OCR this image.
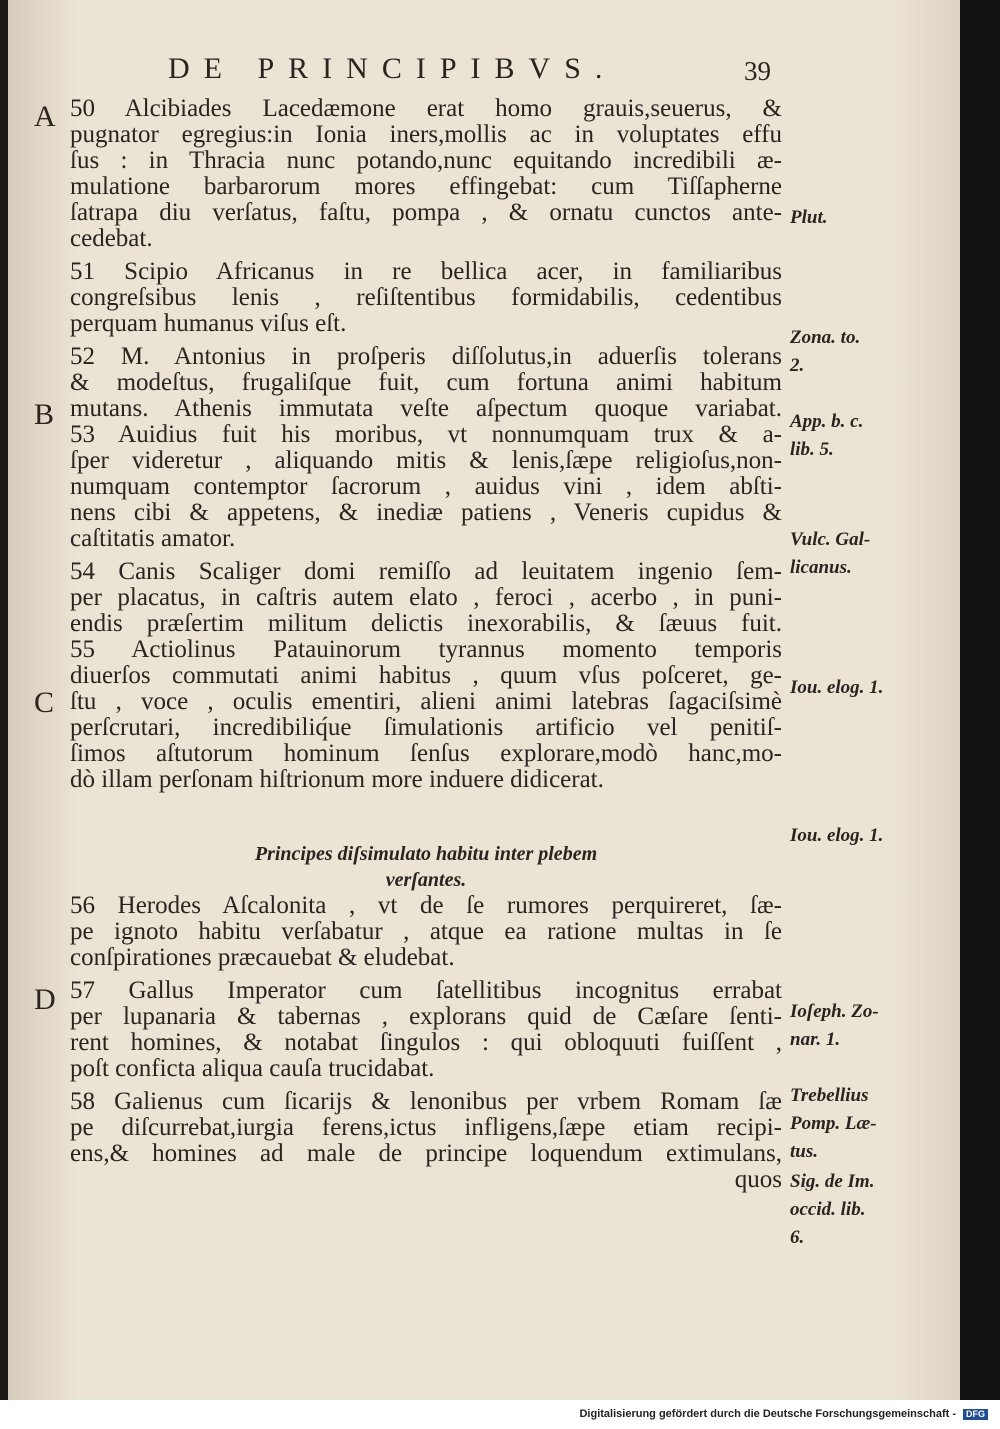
DE PRINCIPIBVS.	39
A
B
C
D
50 Alcibiades Lacedæmone erat homo grauis,seuerus, &
pugnator egregius:in Ionia iners,mollis ac in voluptates effu
ſus : in Thracia nunc potando,nunc equitando incredibili æ-
mulatione barbarorum mores effingebat: cum Tiſſapherne
ſatrapa diu verſatus, faſtu, pompa , & ornatu cunctos ante-
cedebat.
51 Scipio Africanus in re bellica acer, in familiaribus
congreſsibus lenis , reſiſtentibus formidabilis, cedentibus
perquam humanus viſus eſt.
52 M. Antonius in proſperis diſſolutus,in aduerſis tolerans
& modeſtus, frugaliſque fuit, cum fortuna animi habitum
mutans. Athenis immutata veſte aſpectum quoque variabat.
53 Auidius fuit his moribus, vt nonnumquam trux & a-
ſper videretur , aliquando mitis & lenis,ſæpe religioſus,non-
numquam contemptor ſacrorum , auidus vini , idem abſti-
nens cibi & appetens, & inediæ patiens , Veneris cupidus &
caſtitatis amator.
54 Canis Scaliger domi remiſſo ad leuitatem ingenio ſem-
per placatus, in caſtris autem elato , feroci , acerbo , in puni-
endis præſertim militum delictis inexorabilis, & ſæuus fuit.
55 Actiolinus Patauinorum tyrannus momento temporis
diuerſos commutati animi habitus , quum vſus poſceret, ge-
ſtu , voce , oculis ementiri, alieni animi latebras ſagaciſsimè
perſcrutari, incredibiliq́ue ſimulationis artificio vel penitiſ-
ſimos aſtutorum hominum ſenſus explorare,modò hanc,mo-
dò illam perſonam hiſtrionum more induere didicerat.
Principes diſsimulato habitu inter plebem
verſantes.
56 Herodes Aſcalonita , vt de ſe rumores perquireret, ſæ-
pe ignoto habitu verſabatur , atque ea ratione multas in ſe
conſpirationes præcauebat & eludebat.
57 Gallus Imperator cum ſatellitibus incognitus errabat
per lupanaria & tabernas , explorans quid de Cæſare ſenti-
rent homines, & notabat ſingulos : qui obloquuti fuiſſent ,
poſt conficta aliqua cauſa trucidabat.
58 Galienus cum ſicarijs & lenonibus per vrbem Romam ſæ
pe diſcurrebat,iurgia ferens,ictus infligens,ſæpe etiam recipi-
ens,& homines ad male de principe loquendum extimulans,
quos
Plut.
Zona. to.
2.
App. b. c.
lib. 5.
Vulc. Gal-
licanus.
Iou. elog. 1.
Iou. elog. 1.
Ioſeph. Zo-
nar. 1.
Trebellius
Pomp. Læ-
tus.
Sig. de Im.
occid. lib.
6.
Digitalisierung gefördert durch die Deutsche Forschungsgemeinschaft -	DFG
